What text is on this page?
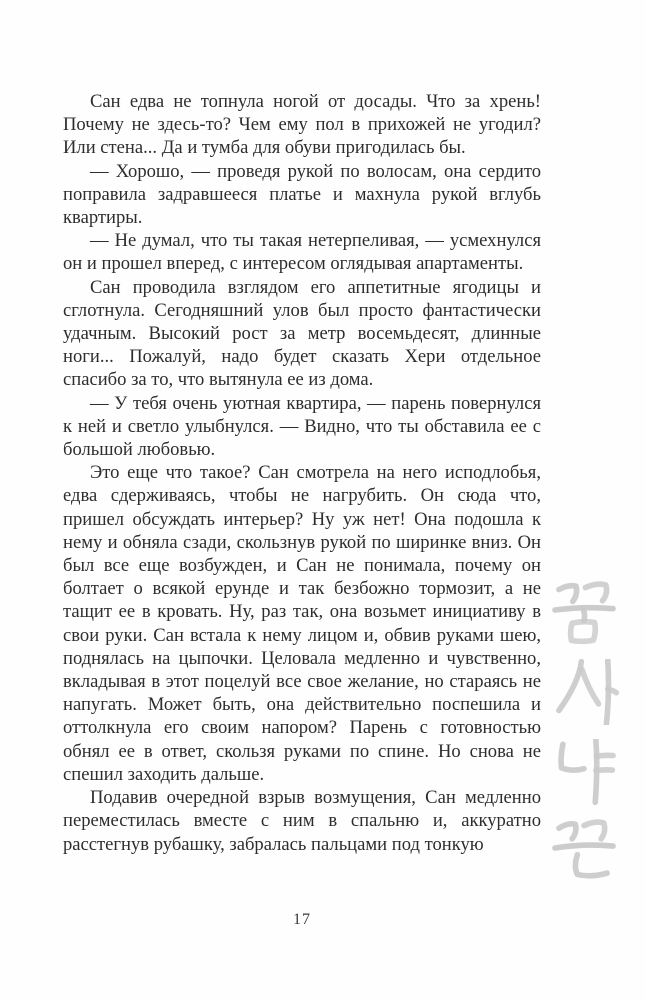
Сан едва не топнула ногой от досады. Что за хрень! Почему не здесь-то? Чем ему пол в прихожей не угодил? Или стена... Да и тумба для обуви пригодилась бы.

— Хорошо, — проведя рукой по волосам, она сердито поправила задравшееся платье и махнула рукой вглубь квартиры.

— Не думал, что ты такая нетерпеливая, — усмехнулся он и прошел вперед, с интересом оглядывая апартаменты.

Сан проводила взглядом его аппетитные ягодицы и сглотнула. Сегодняшний улов был просто фантастически удачным. Высокий рост за метр восемьдесят, длинные ноги... Пожалуй, надо будет сказать Хери отдельное спасибо за то, что вытянула ее из дома.

— У тебя очень уютная квартира, — парень повернулся к ней и светло улыбнулся. — Видно, что ты обставила ее с большой любовью.

Это еще что такое? Сан смотрела на него исподлобья, едва сдерживаясь, чтобы не нагрубить. Он сюда что, пришел обсуждать интерьер? Ну уж нет! Она подошла к нему и обняла сзади, скользнув рукой по ширинке вниз. Он был все еще возбужден, и Сан не понимала, почему он болтает о всякой ерунде и так безбожно тормозит, а не тащит ее в кровать. Ну, раз так, она возьмет инициативу в свои руки. Сан встала к нему лицом и, обвив руками шею, поднялась на цыпочки. Целовала медленно и чувственно, вкладывая в этот поцелуй все свое желание, но стараясь не напугать. Может быть, она действительно поспешила и оттолкнула его своим напором? Парень с готовностью обнял ее в ответ, скользя руками по спине. Но снова не спешил заходить дальше.

Подавив очередной взрыв возмущения, Сан медленно переместилась вместе с ним в спальню и, аккуратно расстегнув рубашку, забралась пальцами под тонкую

17
